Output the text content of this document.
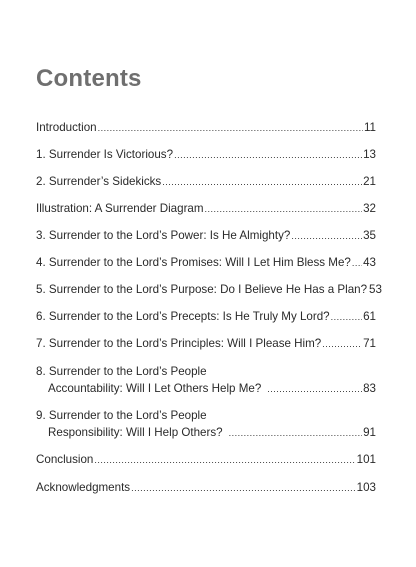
Contents
Introduction .....	11
1. Surrender Is Victorious? .....	13
2. Surrender’s Sidekicks .....	21
Illustration: A Surrender Diagram .....	32
3. Surrender to the Lord’s Power: Is He Almighty? .....	35
4. Surrender to the Lord’s Promises: Will I Let Him Bless Me? ..... 43
5. Surrender to the Lord’s Purpose: Do I Believe He Has a Plan? 53
6. Surrender to the Lord’s Precepts: Is He Truly My Lord? .....	61
7. Surrender to the Lord’s Principles: Will I Please Him? .....	71
8. Surrender to the Lord’s People
Accountability: Will I Let Others Help Me? .....	83
9. Surrender to the Lord’s People
Responsibility: Will I Help Others? .....	91
Conclusion .....	101
Acknowledgments .....	103
